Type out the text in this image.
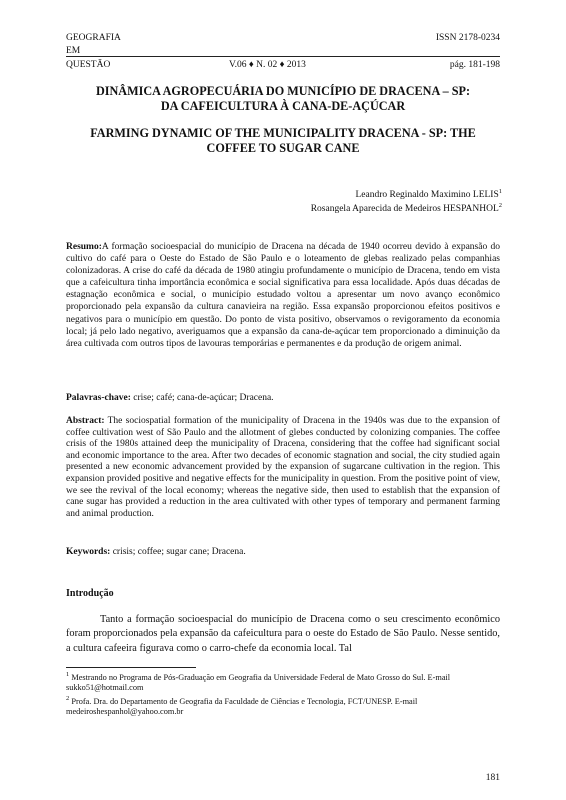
GEOGRAFIA	ISSN 2178-0234
EM
QUESTÃO	V.06 ♦ N. 02 ♦ 2013	pág. 181-198
DINÂMICA AGROPECUÁRIA DO MUNICÍPIO DE DRACENA – SP:
DA CAFEICULTURA À CANA-DE-AÇÚCAR
FARMING DYNAMIC OF THE MUNICIPALITY DRACENA - SP: THE
COFFEE TO SUGAR CANE
Leandro Reginaldo Maximino LELIS$^1$
Rosangela Aparecida de Medeiros HESPANHOL$^2$
Resumo:A formação socioespacial do município de Dracena na década de 1940 ocorreu devido à expansão do cultivo do café para o Oeste do Estado de São Paulo e o loteamento de glebas realizado pelas companhias colonizadoras. A crise do café da década de 1980 atingiu profundamente o município de Dracena, tendo em vista que a cafeicultura tinha importância econômica e social significativa para essa localidade. Após duas décadas de estagnação econômica e social, o município estudado voltou a apresentar um novo avanço econômico proporcionado pela expansão da cultura canavieira na região. Essa expansão proporcionou efeitos positivos e negativos para o município em questão. Do ponto de vista positivo, observamos o revigoramento da economia local; já pelo lado negativo, averiguamos que a expansão da cana-de-açúcar tem proporcionado a diminuição da área cultivada com outros tipos de lavouras temporárias e permanentes e da produção de origem animal.
Palavras-chave: crise; café; cana-de-açúcar; Dracena.
Abstract: The sociospatial formation of the municipality of Dracena in the 1940s was due to the expansion of coffee cultivation west of São Paulo and the allotment of glebes conducted by colonizing companies. The coffee crisis of the 1980s attained deep the municipality of Dracena, considering that the coffee had significant social and economic importance to the area. After two decades of economic stagnation and social, the city studied again presented a new economic advancement provided by the expansion of sugarcane cultivation in the region. This expansion provided positive and negative effects for the municipality in question. From the positive point of view, we see the revival of the local economy; whereas the negative side, then used to establish that the expansion of cane sugar has provided a reduction in the area cultivated with other types of temporary and permanent farming and animal production.
Keywords: crisis; coffee; sugar cane; Dracena.
Introdução
Tanto a formação socioespacial do município de Dracena como o seu crescimento econômico foram proporcionados pela expansão da cafeicultura para o oeste do Estado de São Paulo. Nesse sentido, a cultura cafeeira figurava como o carro-chefe da economia local. Tal
$^1$ Mestrando no Programa de Pós-Graduação em Geografia da Universidade Federal de Mato Grosso do Sul. E-mail sukko51@hotmail.com
$^2$ Profa. Dra. do Departamento de Geografia da Faculdade de Ciências e Tecnologia, FCT/UNESP. E-mail medeiroshespanhol@yahoo.com.br
181
